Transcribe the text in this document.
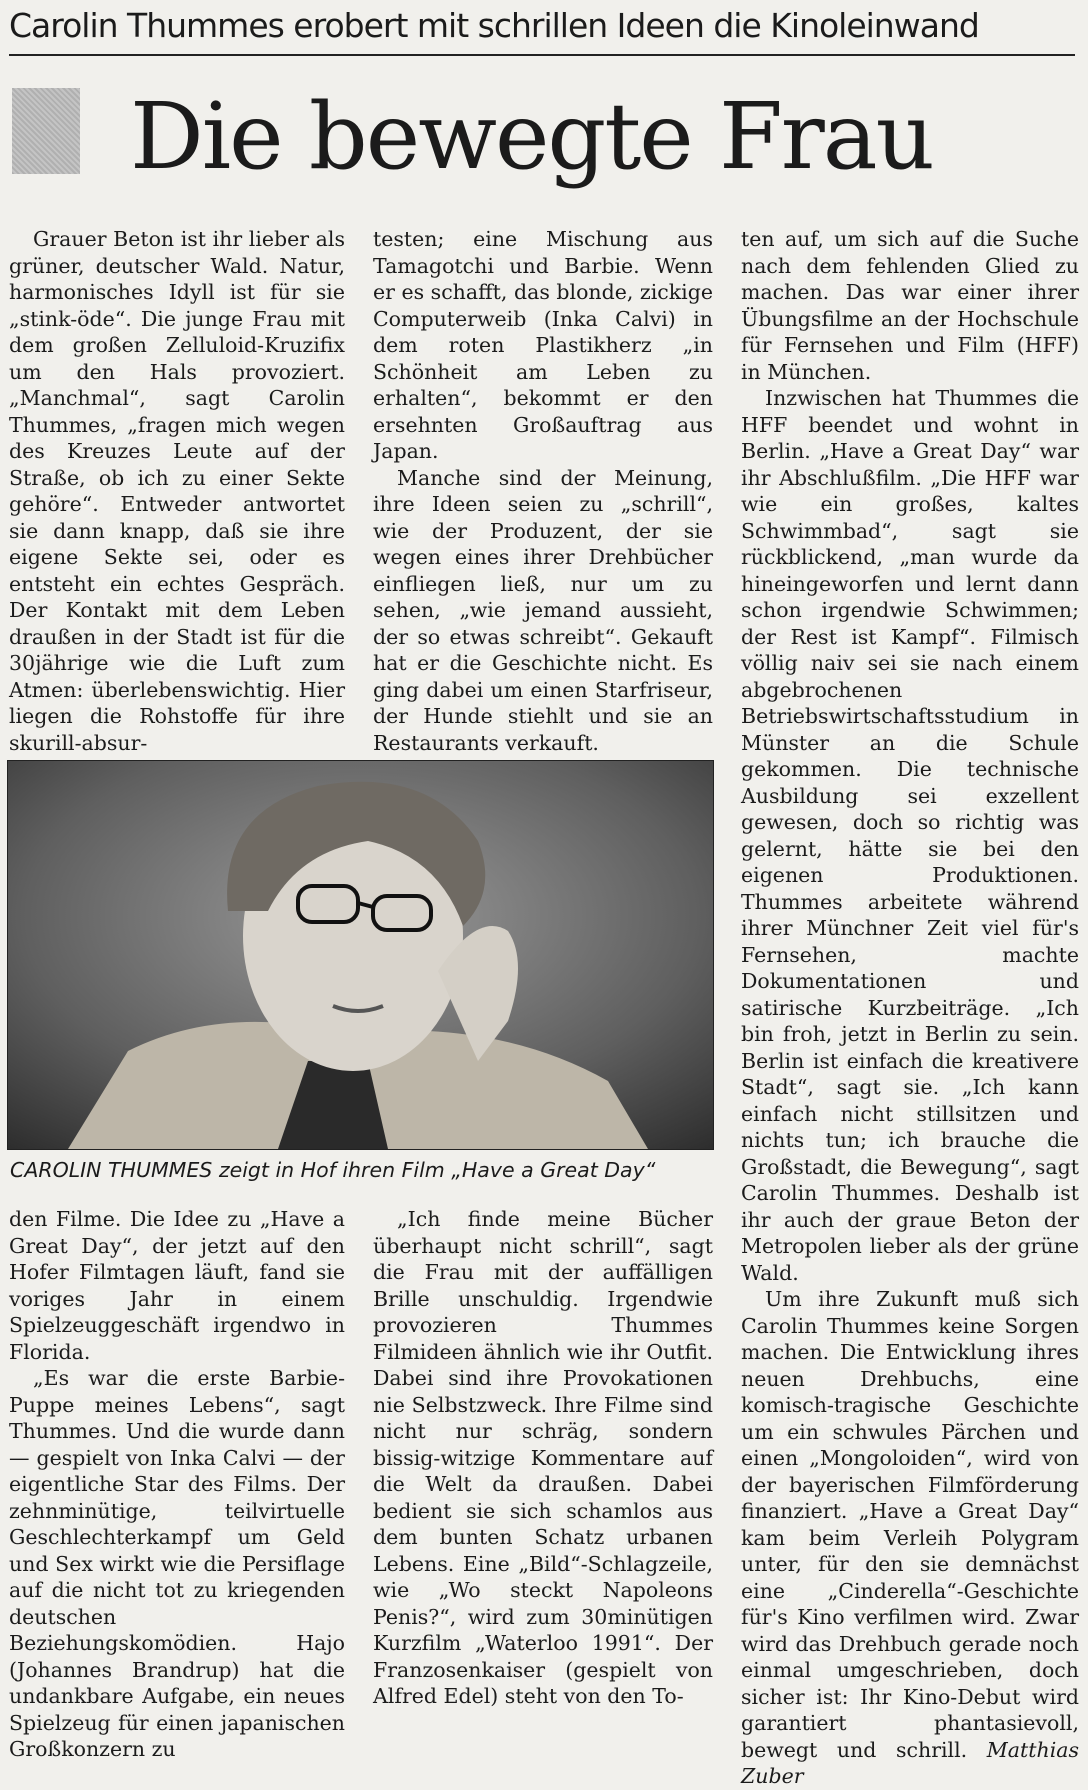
Carolin Thummes erobert mit schrillen Ideen die Kinoleinwand
Die bewegte Frau

Grauer Beton ist ihr lieber als grüner, deutscher Wald. Natur, harmonisches Idyll ist für sie „stink-öde“. Die junge Frau mit dem großen Zelluloid-Kruzifix um den Hals provoziert. „Manchmal“, sagt Carolin Thummes, „fragen mich wegen des Kreuzes Leute auf der Straße, ob ich zu einer Sekte gehöre“. Entweder antwortet sie dann knapp, daß sie ihre eigene Sekte sei, oder es entsteht ein echtes Gespräch. Der Kontakt mit dem Leben draußen in der Stadt ist für die 30jährige wie die Luft zum Atmen: überlebenswichtig. Hier liegen die Rohstoffe für ihre skurill-absur-

testen; eine Mischung aus Tamagotchi und Barbie. Wenn er es schafft, das blonde, zickige Computerweib (Inka Calvi) in dem roten Plastikherz „in Schönheit am Leben zu erhalten“, bekommt er den ersehnten Großauftrag aus Japan.

Manche sind der Meinung, ihre Ideen seien zu „schrill“, wie der Produzent, der sie wegen eines ihrer Drehbücher einfliegen ließ, nur um zu sehen, „wie jemand aussieht, der so etwas schreibt“. Gekauft hat er die Geschichte nicht. Es ging dabei um einen Starfriseur, der Hunde stiehlt und sie an Restaurants verkauft.

ten auf, um sich auf die Suche nach dem fehlenden Glied zu machen. Das war einer ihrer Übungsfilme an der Hochschule für Fernsehen und Film (HFF) in München.

Inzwischen hat Thummes die HFF beendet und wohnt in Berlin. „Have a Great Day“ war ihr Abschlußfilm. „Die HFF war wie ein großes, kaltes Schwimmbad“, sagt sie rückblickend, „man wurde da hineingeworfen und lernt dann schon irgendwie Schwimmen; der Rest ist Kampf“. Filmisch völlig naiv sei sie nach einem abgebrochenen Betriebswirtschaftsstudium in Münster an die Schule gekommen. Die technische Ausbildung sei exzellent gewesen, doch so richtig was gelernt, hätte sie bei den eigenen Produktionen. Thummes arbeitete während ihrer Münchner Zeit viel für's Fernsehen, machte Dokumentationen und satirische Kurzbeiträge. „Ich bin froh, jetzt in Berlin zu sein. Berlin ist einfach die kreativere Stadt“, sagt sie. „Ich kann einfach nicht stillsitzen und nichts tun; ich brauche die Großstadt, die Bewegung“, sagt Carolin Thummes. Deshalb ist ihr auch der graue Beton der Metropolen lieber als der grüne Wald.

Um ihre Zukunft muß sich Carolin Thummes keine Sorgen machen. Die Entwicklung ihres neuen Drehbuchs, eine komisch-tragische Geschichte um ein schwules Pärchen und einen „Mongoloiden“, wird von der bayerischen Filmförderung finanziert. „Have a Great Day“ kam beim Verleih Polygram unter, für den sie demnächst eine „Cinderella“-Geschichte für's Kino verfilmen wird. Zwar wird das Drehbuch gerade noch einmal umgeschrieben, doch sicher ist: Ihr Kino-Debut wird garantiert phantasievoll, bewegt und schrill. Matthias Zuber

CAROLIN THUMMES zeigt in Hof ihren Film „Have a Great Day“

den Filme. Die Idee zu „Have a Great Day“, der jetzt auf den Hofer Filmtagen läuft, fand sie voriges Jahr in einem Spielzeuggeschäft irgendwo in Florida.

„Es war die erste Barbie-Puppe meines Lebens“, sagt Thummes. Und die wurde dann — gespielt von Inka Calvi — der eigentliche Star des Films. Der zehnminütige, teilvirtuelle Geschlechterkampf um Geld und Sex wirkt wie die Persiflage auf die nicht tot zu kriegenden deutschen Beziehungskomödien. Hajo (Johannes Brandrup) hat die undankbare Aufgabe, ein neues Spielzeug für einen japanischen Großkonzern zu

„Ich finde meine Bücher überhaupt nicht schrill“, sagt die Frau mit der auffälligen Brille unschuldig. Irgendwie provozieren Thummes Filmideen ähnlich wie ihr Outfit. Dabei sind ihre Provokationen nie Selbstzweck. Ihre Filme sind nicht nur schräg, sondern bissig-witzige Kommentare auf die Welt da draußen. Dabei bedient sie sich schamlos aus dem bunten Schatz urbanen Lebens. Eine „Bild“-Schlagzeile, wie „Wo steckt Napoleons Penis?“, wird zum 30minütigen Kurzfilm „Waterloo 1991“. Der Franzosenkaiser (gespielt von Alfred Edel) steht von den To-
